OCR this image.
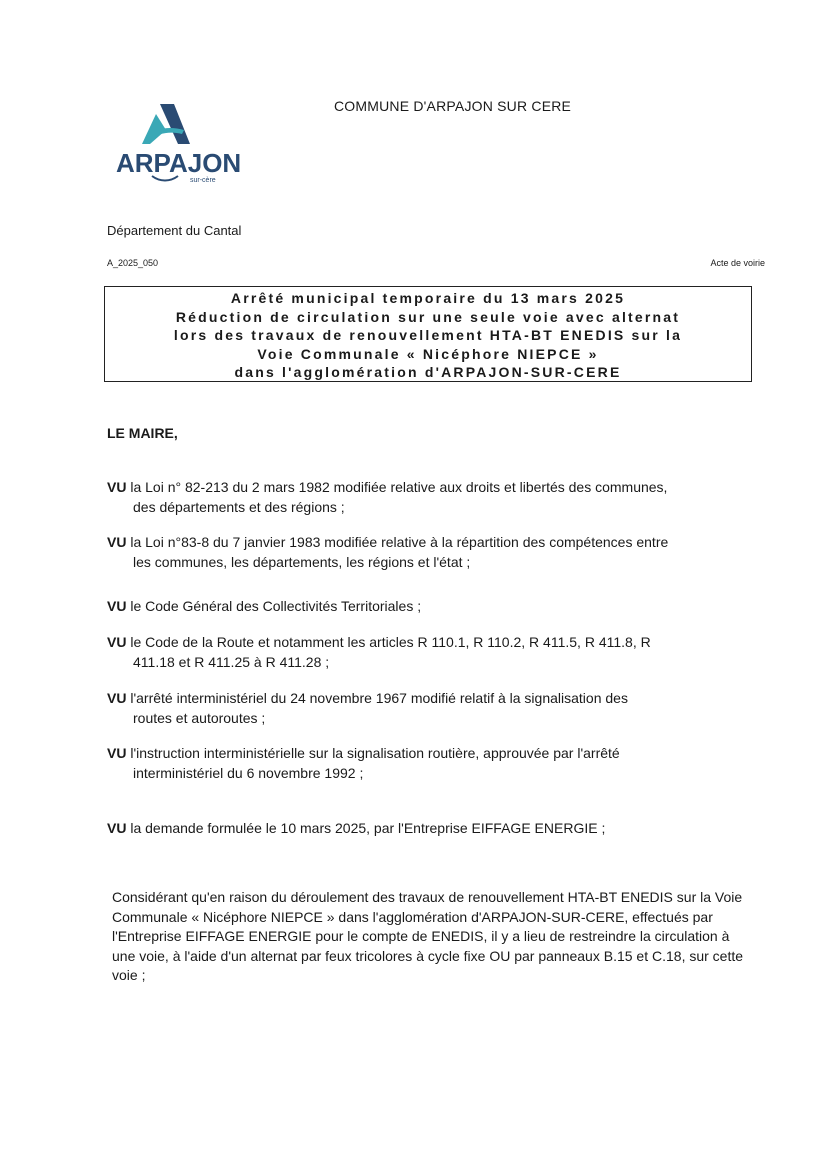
ARPAJON
sur-cère
COMMUNE D'ARPAJON SUR CERE
Département du Cantal
A_2025_050	Acte de voirie
Arrêté municipal temporaire du 13 mars 2025
Réduction de circulation sur une seule voie avec alternat
lors des travaux de renouvellement HTA-BT ENEDIS sur la
Voie Communale « Nicéphore NIEPCE »
dans l'agglomération d'ARPAJON-SUR-CERE
LE MAIRE,
VU la Loi n° 82-213 du 2 mars 1982 modifiée relative aux droits et libertés des communes,
des départements et des régions ;
VU la Loi n°83-8 du 7 janvier 1983 modifiée relative à la répartition des compétences entre
les communes, les départements, les régions et l'état ;
VU le Code Général des Collectivités Territoriales ;
VU le Code de la Route et notamment les articles R 110.1, R 110.2, R 411.5, R 411.8, R
411.18 et R 411.25 à R 411.28 ;
VU l'arrêté interministériel du 24 novembre 1967 modifié relatif à la signalisation des
routes et autoroutes ;
VU l'instruction interministérielle sur la signalisation routière, approuvée par l'arrêté
interministériel du 6 novembre 1992 ;
VU la demande formulée le 10 mars 2025, par l'Entreprise EIFFAGE ENERGIE ;
Considérant qu'en raison du déroulement des travaux de renouvellement HTA-BT ENEDIS sur la Voie Communale « Nicéphore NIEPCE » dans l'agglomération d'ARPAJON-SUR-CERE, effectués par l'Entreprise EIFFAGE ENERGIE pour le compte de ENEDIS, il y a lieu de restreindre la circulation à une voie, à l'aide d'un alternat par feux tricolores à cycle fixe OU par panneaux B.15 et C.18, sur cette voie ;
